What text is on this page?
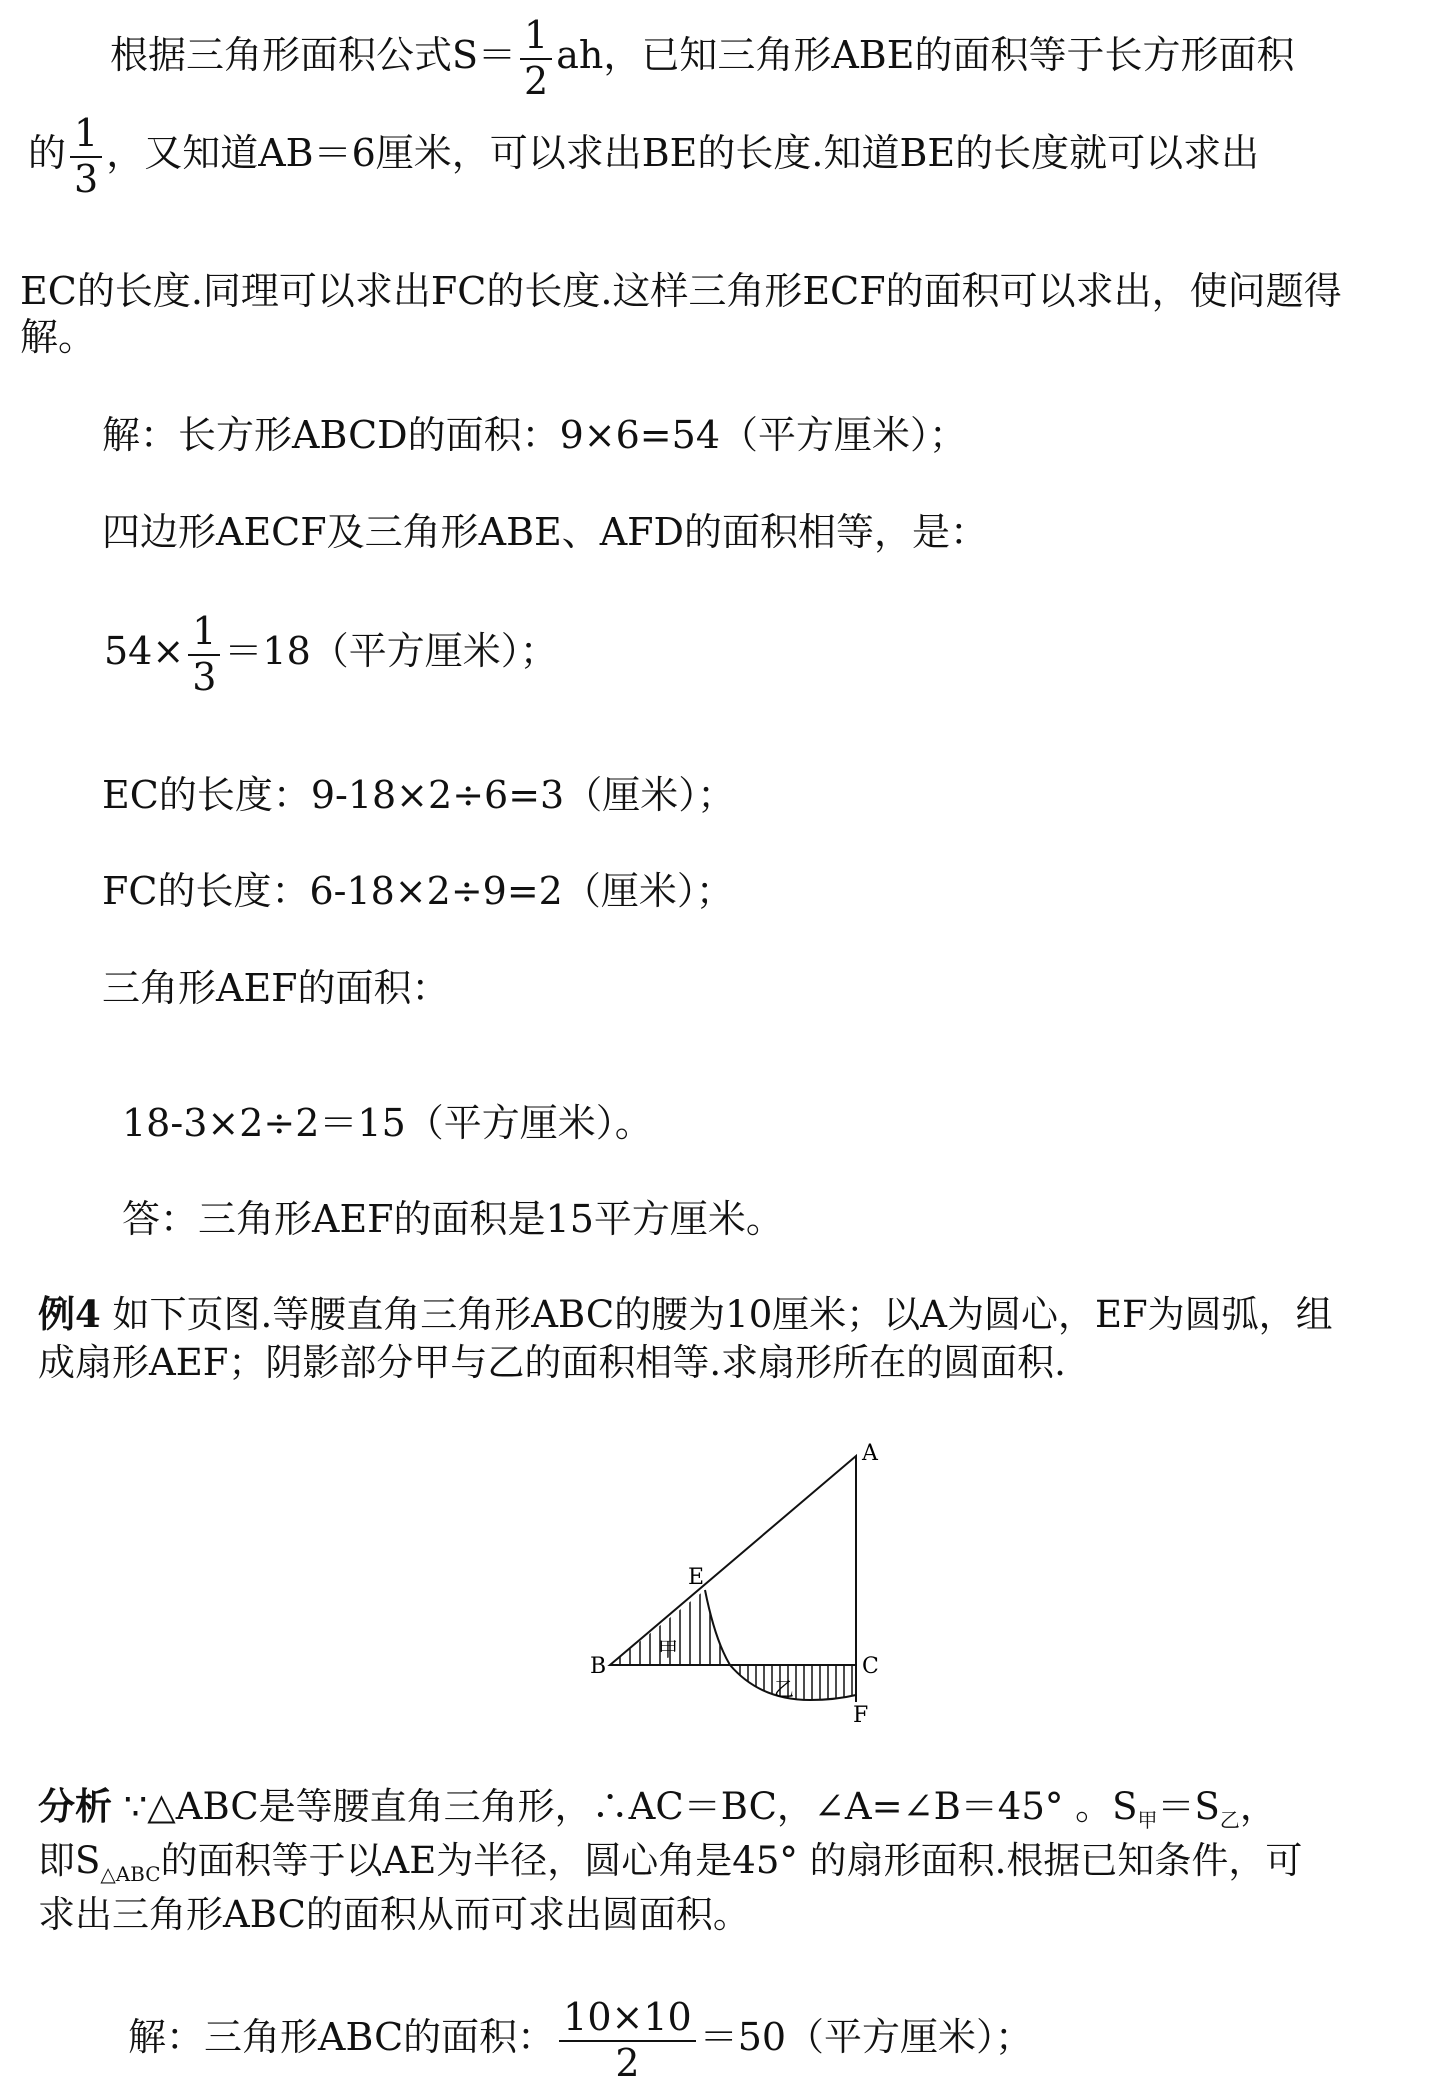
根据三角形面积公式$S= \frac{1}{2}$ ah，已知三角形ABE的面积等于长方形面积
的 $\frac{1}{3}$ ，又知道AB＝6厘米，可以求出BE的长度.知道BE的长度就可以求出
EC的长度.同理可以求出FC的长度.这样三角形ECF的面积可以求出，使问题得
解。
解：长方形ABCD的面积：9×6=54（平方厘米）；
四边形AECF及三角形ABE、AFD的面积相等，是：
$54\times \frac{1}{3} =18$（平方厘米）；
EC的长度：9-18×2÷6=3（厘米）；
FC的长度：6-18×2÷9=2（厘米）；
三角形AEF的面积：
18-3×2÷2＝15（平方厘米）。
答：三角形AEF的面积是15平方厘米。
例4 如下页图.等腰直角三角形ABC的腰为10厘米；以A为圆心，EF为圆弧，组
成扇形AEF；阴影部分甲与乙的面积相等.求扇形所在的圆面积.
A
B	C
E
F
甲
乙
分析 ∵△ABC是等腰直角三角形，∴AC＝BC，∠A=∠B＝45° 。$S_甲=S_乙$，
即$S_{\triangle ABC}$的面积等于以AE为半径，圆心角是45° 的扇形面积.根据已知条件，可
求出三角形ABC的面积从而可求出圆面积。
解：三角形ABC的面积： $\frac{10\times 10}{2} =50$（平方厘米）；
